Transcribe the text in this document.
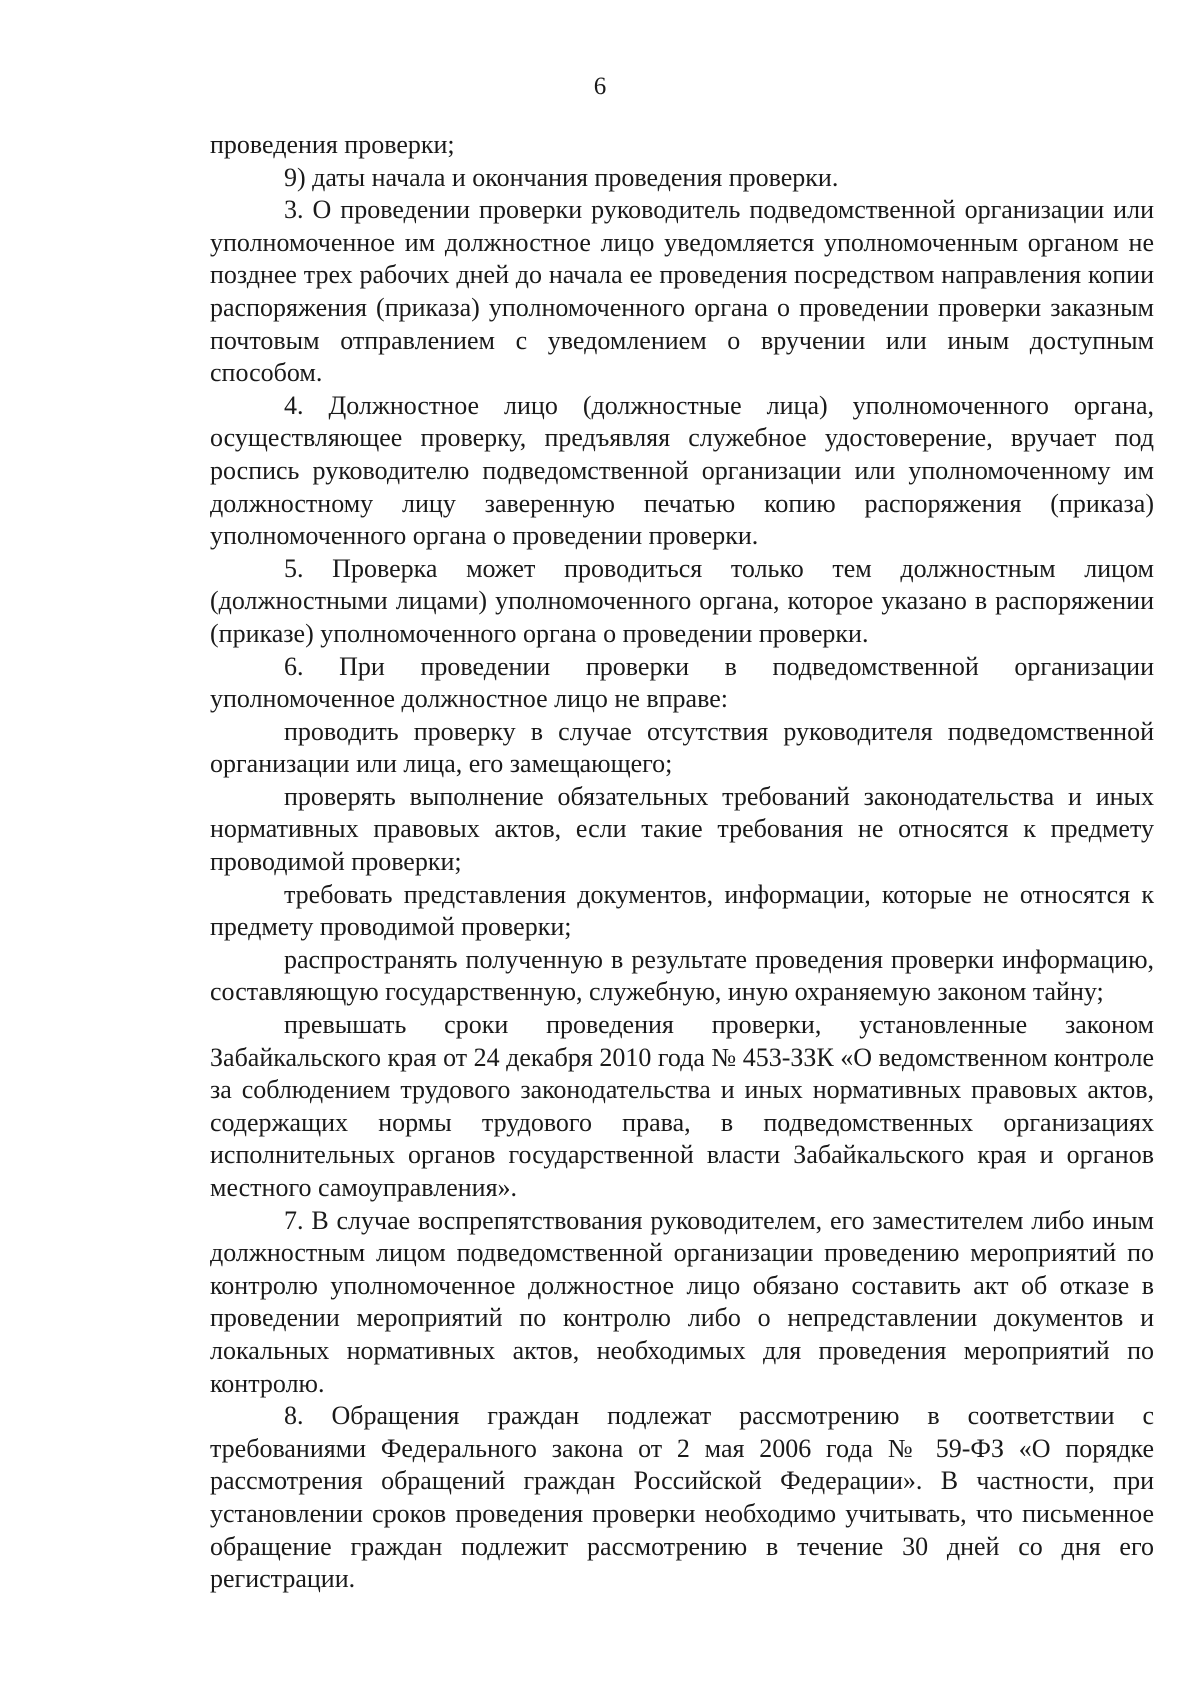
6

проведения проверки;

9) даты начала и окончания проведения проверки.

3. О проведении проверки руководитель подведомственной организации или уполномоченное им должностное лицо уведомляется уполномоченным органом не позднее трех рабочих дней до начала ее проведения посредством направления копии распоряжения (приказа) уполномоченного органа о проведении проверки заказным почтовым отправлением с уведомлением о вручении или иным доступным способом.

4. Должностное лицо (должностные лица) уполномоченного органа, осуществляющее проверку, предъявляя служебное удостоверение, вручает под роспись руководителю подведомственной организации или уполномоченному им должностному лицу заверенную печатью копию распоряжения (приказа) уполномоченного органа о проведении проверки.

5. Проверка может проводиться только тем должностным лицом (должностными лицами) уполномоченного органа, которое указано в распоряжении (приказе) уполномоченного органа о проведении проверки.

6. При проведении проверки в подведомственной организации уполномоченное должностное лицо не вправе:

проводить проверку в случае отсутствия руководителя подведомственной организации или лица, его замещающего;

проверять выполнение обязательных требований законодательства и иных нормативных правовых актов, если такие требования не относятся к предмету проводимой проверки;

требовать представления документов, информации, которые не относятся к предмету проводимой проверки;

распространять полученную в результате проведения проверки информацию, составляющую государственную, служебную, иную охраняемую законом тайну;

превышать сроки проведения проверки, установленные законом Забайкальского края от 24 декабря 2010 года № 453-ЗЗК «О ведомственном контроле за соблюдением трудового законодательства и иных нормативных правовых актов, содержащих нормы трудового права, в подведомственных организациях исполнительных органов государственной власти Забайкальского края и органов местного самоуправления».

7. В случае воспрепятствования руководителем, его заместителем либо иным должностным лицом подведомственной организации проведению мероприятий по контролю уполномоченное должностное лицо обязано составить акт об отказе в проведении мероприятий по контролю либо о непредставлении документов и локальных нормативных актов, необходимых для проведения мероприятий по контролю.

8. Обращения граждан подлежат рассмотрению в соответствии с требованиями Федерального закона от 2 мая 2006 года № 59-ФЗ «О порядке рассмотрения обращений граждан Российской Федерации». В частности, при установлении сроков проведения проверки необходимо учитывать, что письменное обращение граждан подлежит рассмотрению в течение 30 дней со дня его регистрации.
